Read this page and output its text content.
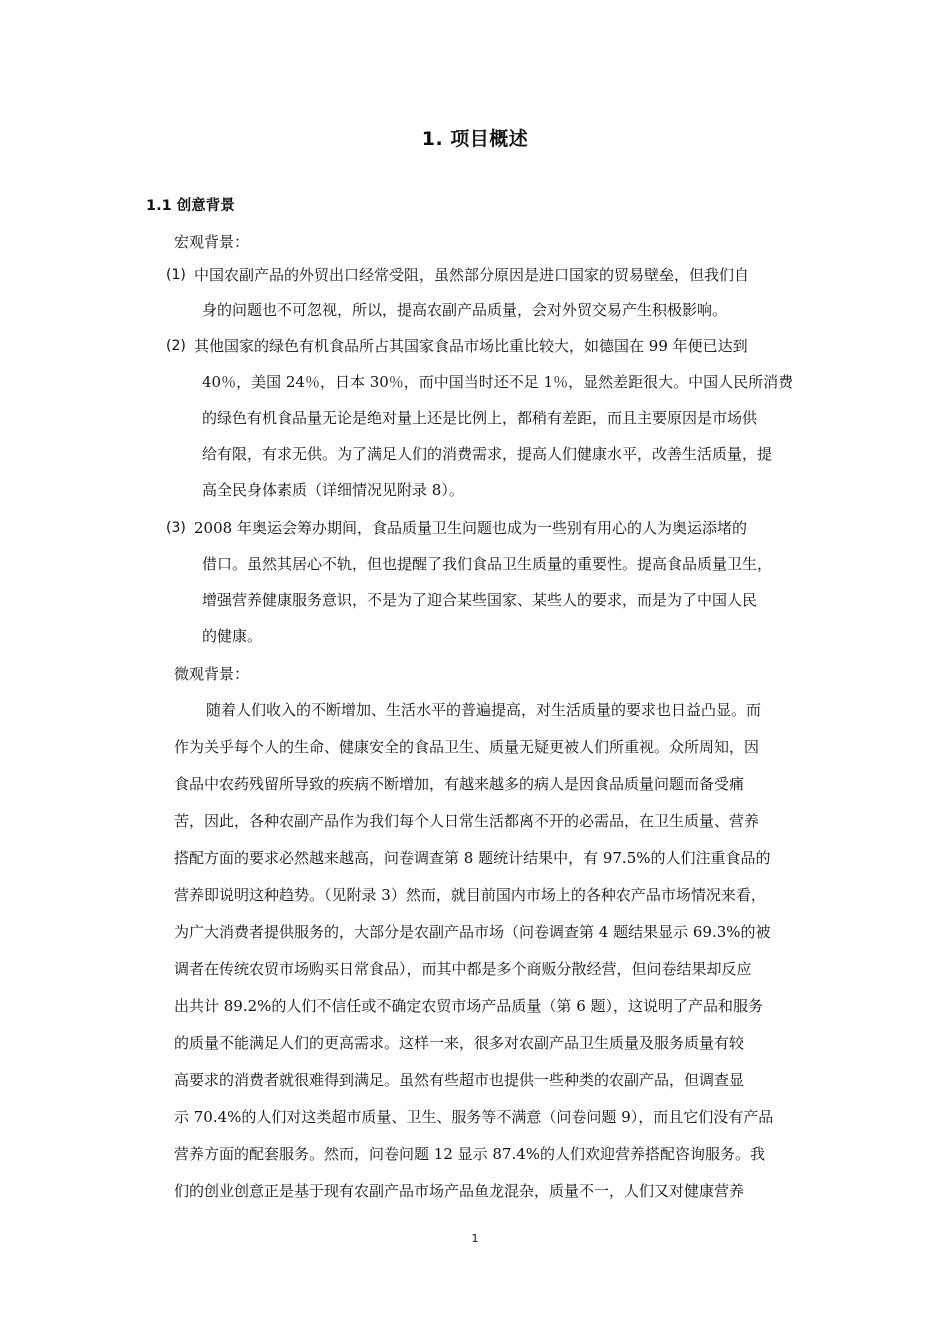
1. 项目概述
1.1 创意背景
宏观背景：
(1) 中国农副产品的外贸出口经常受阻，虽然部分原因是进口国家的贸易壁垒，但我们自
身的问题也不可忽视，所以，提高农副产品质量，会对外贸交易产生积极影响。
(2) 其他国家的绿色有机食品所占其国家食品市场比重比较大，如德国在 99 年便已达到
40％，美国 24％，日本 30％，而中国当时还不足 1％，显然差距很大。中国人民所消费
的绿色有机食品量无论是绝对量上还是比例上，都稍有差距，而且主要原因是市场供
给有限，有求无供。为了满足人们的消费需求，提高人们健康水平，改善生活质量，提
高全民身体素质（详细情况见附录 8）。
(3) 2008 年奥运会筹办期间，食品质量卫生问题也成为一些别有用心的人为奥运添堵的
借口。虽然其居心不轨，但也提醒了我们食品卫生质量的重要性。提高食品质量卫生，
增强营养健康服务意识，不是为了迎合某些国家、某些人的要求，而是为了中国人民
的健康。
微观背景：
随着人们收入的不断增加、生活水平的普遍提高，对生活质量的要求也日益凸显。而
作为关乎每个人的生命、健康安全的食品卫生、质量无疑更被人们所重视。众所周知，因
食品中农药残留所导致的疾病不断增加，有越来越多的病人是因食品质量问题而备受痛
苦，因此，各种农副产品作为我们每个人日常生活都离不开的必需品，在卫生质量、营养
搭配方面的要求必然越来越高，问卷调查第 8 题统计结果中，有 97.5%的人们注重食品的
营养即说明这种趋势。（见附录 3）然而，就目前国内市场上的各种农产品市场情况来看，
为广大消费者提供服务的，大部分是农副产品市场（问卷调查第 4 题结果显示 69.3%的被
调者在传统农贸市场购买日常食品），而其中都是多个商贩分散经营，但问卷结果却反应
出共计 89.2%的人们不信任或不确定农贸市场产品质量（第 6 题），这说明了产品和服务
的质量不能满足人们的更高需求。这样一来，很多对农副产品卫生质量及服务质量有较
高要求的消费者就很难得到满足。虽然有些超市也提供一些种类的农副产品，但调查显
示 70.4%的人们对这类超市质量、卫生、服务等不满意（问卷问题 9），而且它们没有产品
营养方面的配套服务。然而，问卷问题 12 显示 87.4%的人们欢迎营养搭配咨询服务。我
们的创业创意正是基于现有农副产品市场产品鱼龙混杂，质量不一，人们又对健康营养
1
